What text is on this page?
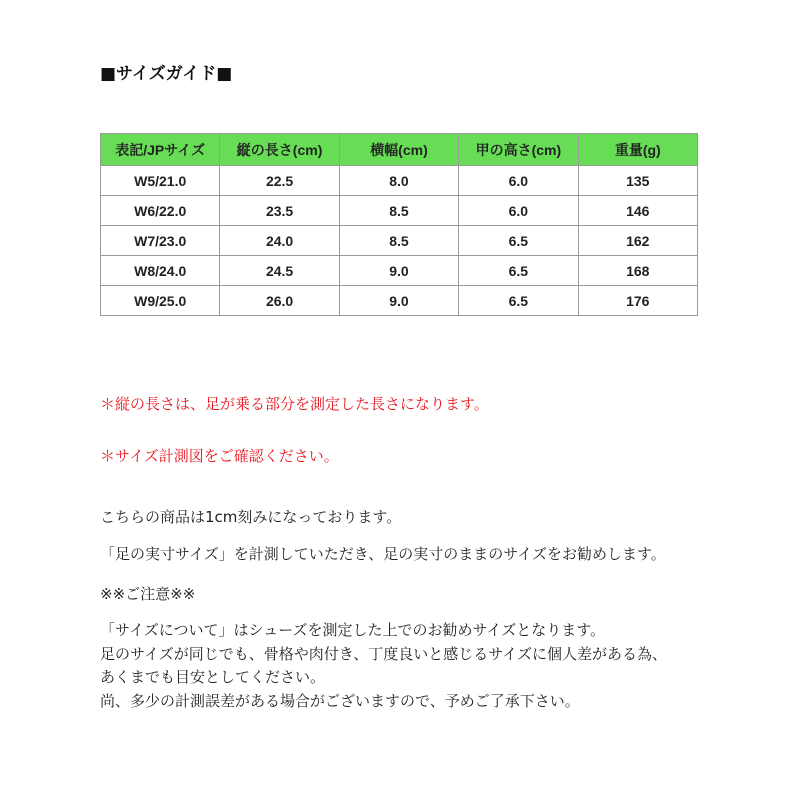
■サイズガイド■
表記/JPサイズ	縦の長さ(cm)	横幅(cm)	甲の高さ(cm)	重量(g)
W5/21.0	22.5	8.0	6.0	135
W6/22.0	23.5	8.5	6.0	146
W7/23.0	24.0	8.5	6.5	162
W8/24.0	24.5	9.0	6.5	168
W9/25.0	26.0	9.0	6.5	176
＊縦の長さは、足が乗る部分を測定した長さになります。
＊サイズ計測図をご確認ください。
こちらの商品は1cm刻みになっております。
「足の実寸サイズ」を計測していただき、足の実寸のままのサイズをお勧めします。
※※ご注意※※
「サイズについて」はシューズを測定した上でのお勧めサイズとなります。
足のサイズが同じでも、骨格や肉付き、丁度良いと感じるサイズに個人差がある為、
あくまでも目安としてください。
尚、多少の計測誤差がある場合がございますので、予めご了承下さい。
